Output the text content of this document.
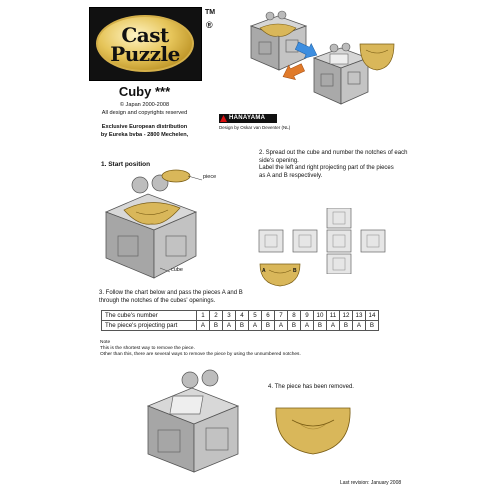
Cast
Puzzle
TM
®
Cuby ***
© Japan 2000-2008
All design and copyrights reserved
Exclusive European distribution
by Eureka bvba - 2800 Mechelen,
HANAYAMA
Design by Oskar van Deventer (NL)
1. Start position
piece
cube
2. Spread out the cube and number the notches of each
side's opening.
Label the left and right projecting part of the pieces
as A and B respectively.
A	B
3. Follow the chart below and pass the pieces A and B
through the notches of the cubes' openings.
The cube's number	1	2	3	4	5	6	7	8	9	10	11	12	13	14
The piece's projecting part	A	B	A	B	A	B	A	B	A	B	A	B	A	B
Note
This is the shortest way to remove the piece.
Other than this, there are several ways to remove the piece by using the unnumbered notches.
4. The piece has been removed.
Last revision: January 2008
